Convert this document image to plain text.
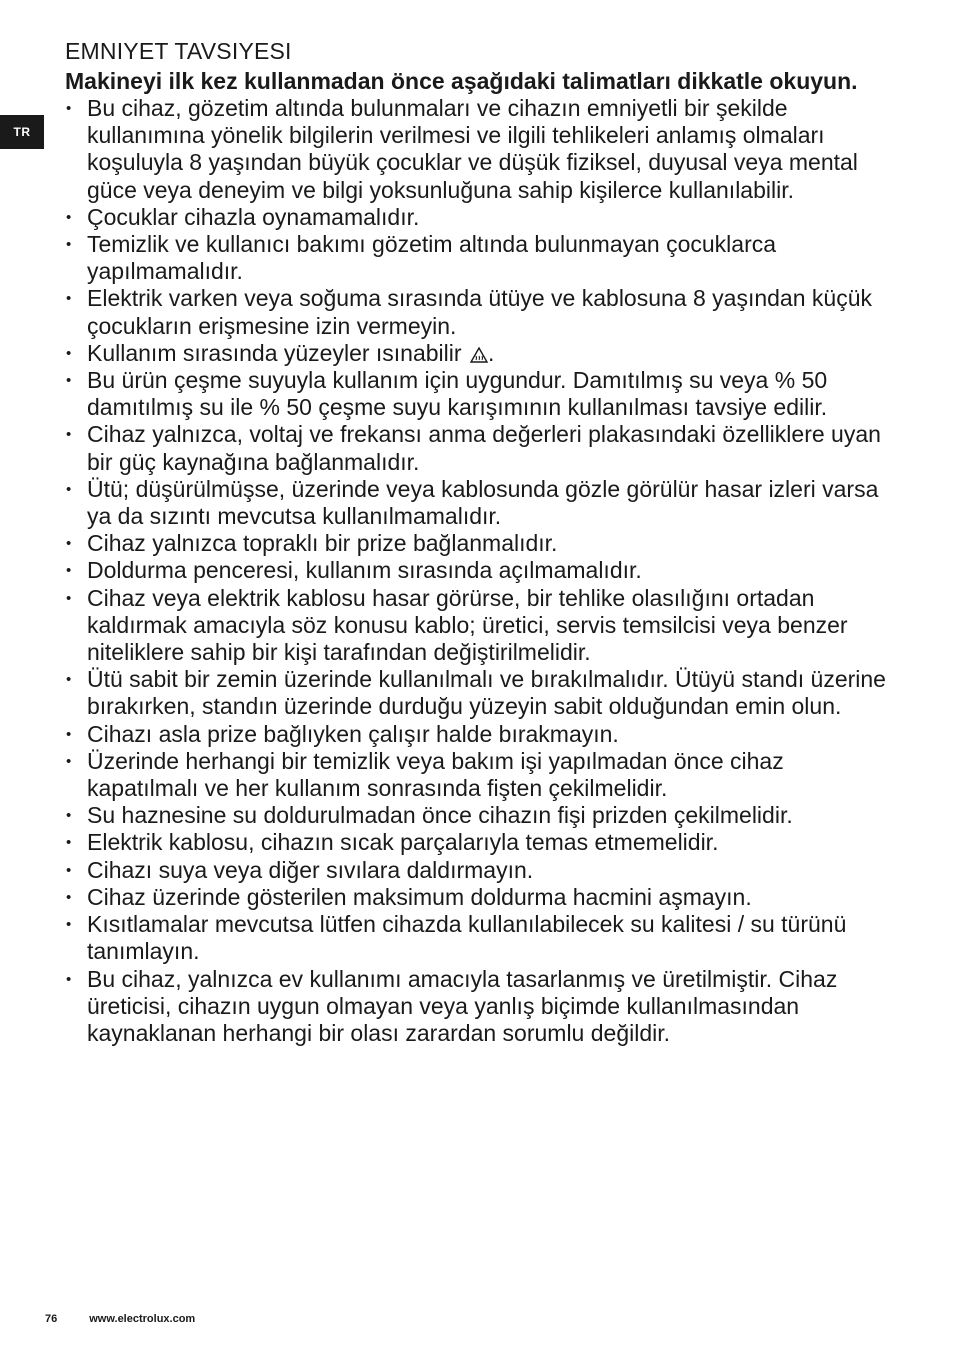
TR
EMNIYET TAVSIYESI

Makineyi ilk kez kullanmadan önce aşağıdaki talimatları dikkatle okuyun.

• Bu cihaz, gözetim altında bulunmaları ve cihazın emniyetli bir şekilde kullanımına yönelik bilgilerin verilmesi ve ilgili tehlikeleri anlamış olmaları koşuluyla 8 yaşından büyük çocuklar ve düşük fiziksel, duyusal veya mental güce veya deneyim ve bilgi yoksunluğuna sahip kişilerce kullanılabilir.
• Çocuklar cihazla oynamamalıdır.
• Temizlik ve kullanıcı bakımı gözetim altında bulunmayan çocuklarca yapılmamalıdır.
• Elektrik varken veya soğuma sırasında ütüye ve kablosuna 8 yaşından küçük çocukların erişmesine izin vermeyin.
• Kullanım sırasında yüzeyler ısınabilir .
• Bu ürün çeşme suyuyla kullanım için uygundur. Damıtılmış su veya % 50 damıtılmış su ile % 50 çeşme suyu karışımının kullanılması tavsiye edilir.
• Cihaz yalnızca, voltaj ve frekansı anma değerleri plakasındaki özelliklere uyan bir güç kaynağına bağlanmalıdır.
• Ütü; düşürülmüşse, üzerinde veya kablosunda gözle görülür hasar izleri varsa ya da sızıntı mevcutsa kullanılmamalıdır.
• Cihaz yalnızca topraklı bir prize bağlanmalıdır.
• Doldurma penceresi, kullanım sırasında açılmamalıdır.
• Cihaz veya elektrik kablosu hasar görürse, bir tehlike olasılığını ortadan kaldırmak amacıyla söz konusu kablo; üretici, servis temsilcisi veya benzer niteliklere sahip bir kişi tarafından değiştirilmelidir.
• Ütü sabit bir zemin üzerinde kullanılmalı ve bırakılmalıdır. Ütüyü standı üzerine bırakırken, standın üzerinde durduğu yüzeyin sabit olduğundan emin olun.
• Cihazı asla prize bağlıyken çalışır halde bırakmayın.
• Üzerinde herhangi bir temizlik veya bakım işi yapılmadan önce cihaz kapatılmalı ve her kullanım sonrasında fişten çekilmelidir.
• Su haznesine su doldurulmadan önce cihazın fişi prizden çekilmelidir.
• Elektrik kablosu, cihazın sıcak parçalarıyla temas etmemelidir.
• Cihazı suya veya diğer sıvılara daldırmayın.
• Cihaz üzerinde gösterilen maksimum doldurma hacmini aşmayın.
• Kısıtlamalar mevcutsa lütfen cihazda kullanılabilecek su kalitesi / su türünü tanımlayın.
• Bu cihaz, yalnızca ev kullanımı amacıyla tasarlanmış ve üretilmiştir. Cihaz üreticisi, cihazın uygun olmayan veya yanlış biçimde kullanılmasından kaynaklanan herhangi bir olası zarardan sorumlu değildir.
76	www.electrolux.com
